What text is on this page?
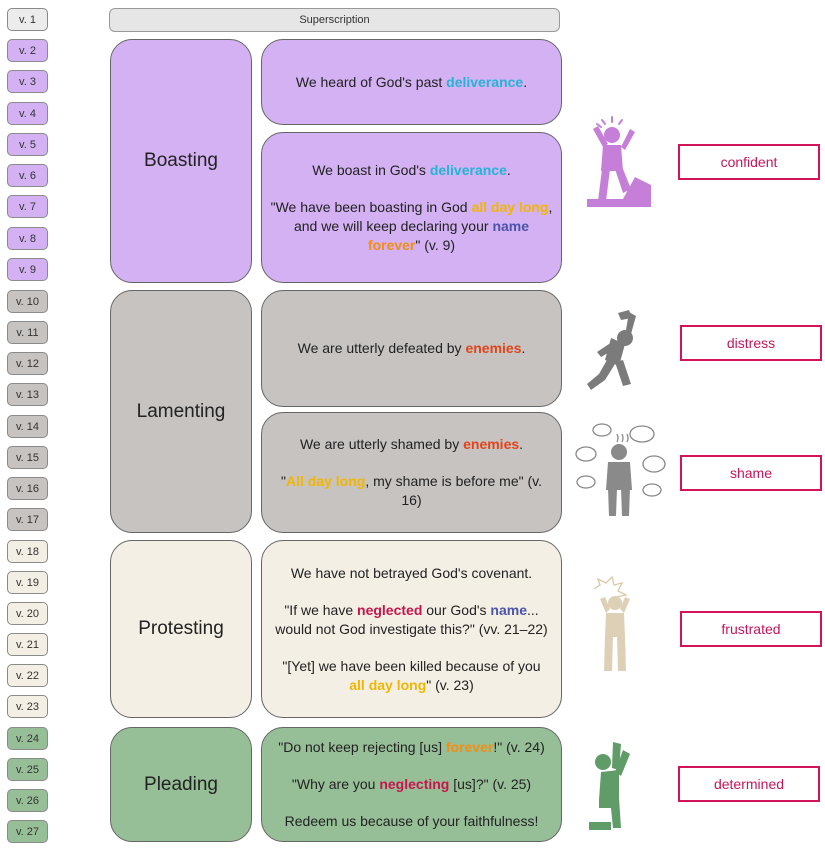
v. 1
v. 2
v. 3
v. 4
v. 5
v. 6
v. 7
v. 8
v. 9
v. 10
v. 11
v. 12
v. 13
v. 14
v. 15
v. 16
v. 17
v. 18
v. 19
v. 20
v. 21
v. 22
v. 23
v. 24
v. 25
v. 26
v. 27
Superscription
Boasting
Lamenting
Protesting
Pleading

We heard of God's past deliverance.

We boast in God's deliverance.

"We have been boasting in God all day long,

and we will keep declaring your name

forever" (v. 9)

We are utterly defeated by enemies.

We are utterly shamed by enemies.

"All day long, my shame is before me" (v. 16)

We have not betrayed God's covenant.

"If we have neglected our God's name...

would not God investigate this?" (vv. 21–22)

"[Yet] we have been killed because of you

all day long" (v. 23)

"Do not keep rejecting [us] forever!" (v. 24)

"Why are you neglecting [us]?" (v. 25)

Redeem us because of your faithfulness!

confident
distress
shame
frustrated
determined
